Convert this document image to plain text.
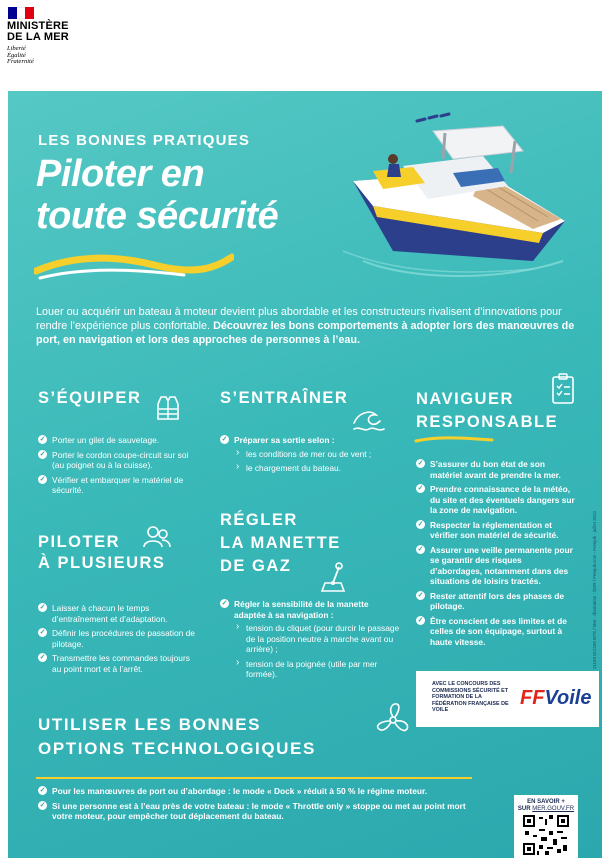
MINISTÈRE
DE LA MER
Liberté
Égalité
Fraternité
LES BONNES PRATIQUES
Piloter en
toute sécurité
Louer ou acquérir un bateau à moteur devient plus abordable et les constructeurs rivalisent d’innovations pour rendre l’expérience plus confortable. Découvrez les bons comportements à adopter lors des manœuvres de port, en navigation et lors des approches de personnes à l’eau.
S’ÉQUIPER
✓ Porter un gilet de sauvetage.
✓ Porter le cordon coupe-circuit sur soi (au poignet ou à la cuisse).
✓ Vérifier et embarquer le matériel de sécurité.
PILOTER
À PLUSIEURS
✓ Laisser à chacun le temps d’entraînement et d’adaptation.
✓ Définir les procédures de passation de pilotage.
✓ Transmettre les commandes toujours au point mort et à l’arrêt.
S’ENTRAÎNER
✓ Préparer sa sortie selon :
› les conditions de mer ou de vent ;
› le chargement du bateau.
RÉGLER
LA MANETTE
DE GAZ
✓ Régler la sensibilité de la manette adaptée à sa navigation :
› tension du cliquet (pour durcir le passage de la position neutre à marche avant ou arrière) ;
› tension de la poignée (utile par mer formée).
NAVIGUER
RESPONSABLE
✓ S’assurer du bon état de son matériel avant de prendre la mer.
✓ Prendre connaissance de la météo, du site et des éventuels dangers sur la zone de navigation.
✓ Respecter la réglementation et vérifier son matériel de sécurité.
✓ Assurer une veille permanente pour se garantir des risques d’abordages, notamment dans des situations de loisirs tractés.
✓ Rester attentif lors des phases de pilotage.
✓ Être conscient de ses limites et de celles de son équipage, surtout à haute vitesse.
AVEC LE CONCOURS DES COMMISSIONS SÉCURITÉ ET FORMATION DE LA FÉDÉRATION FRANÇAISE DE VOILE
FFVoile
UTILISER LES BONNES
OPTIONS TECHNOLOGIQUES
✓ Pour les manœuvres de port ou d’abordage : le mode « Dock » réduit à 50 % le régime moteur.
✓ Si une personne est à l’eau près de votre bateau : le mode « Throttle only » stoppe ou met au point mort votre moteur, pour empêcher tout déplacement du bateau.
EN SAVOIR +
SUR MER.GOUV.FR
21169 DICOM MTE / Mer - Illustration : ©DR / Freepik.com - Freepik - juillet 2023
